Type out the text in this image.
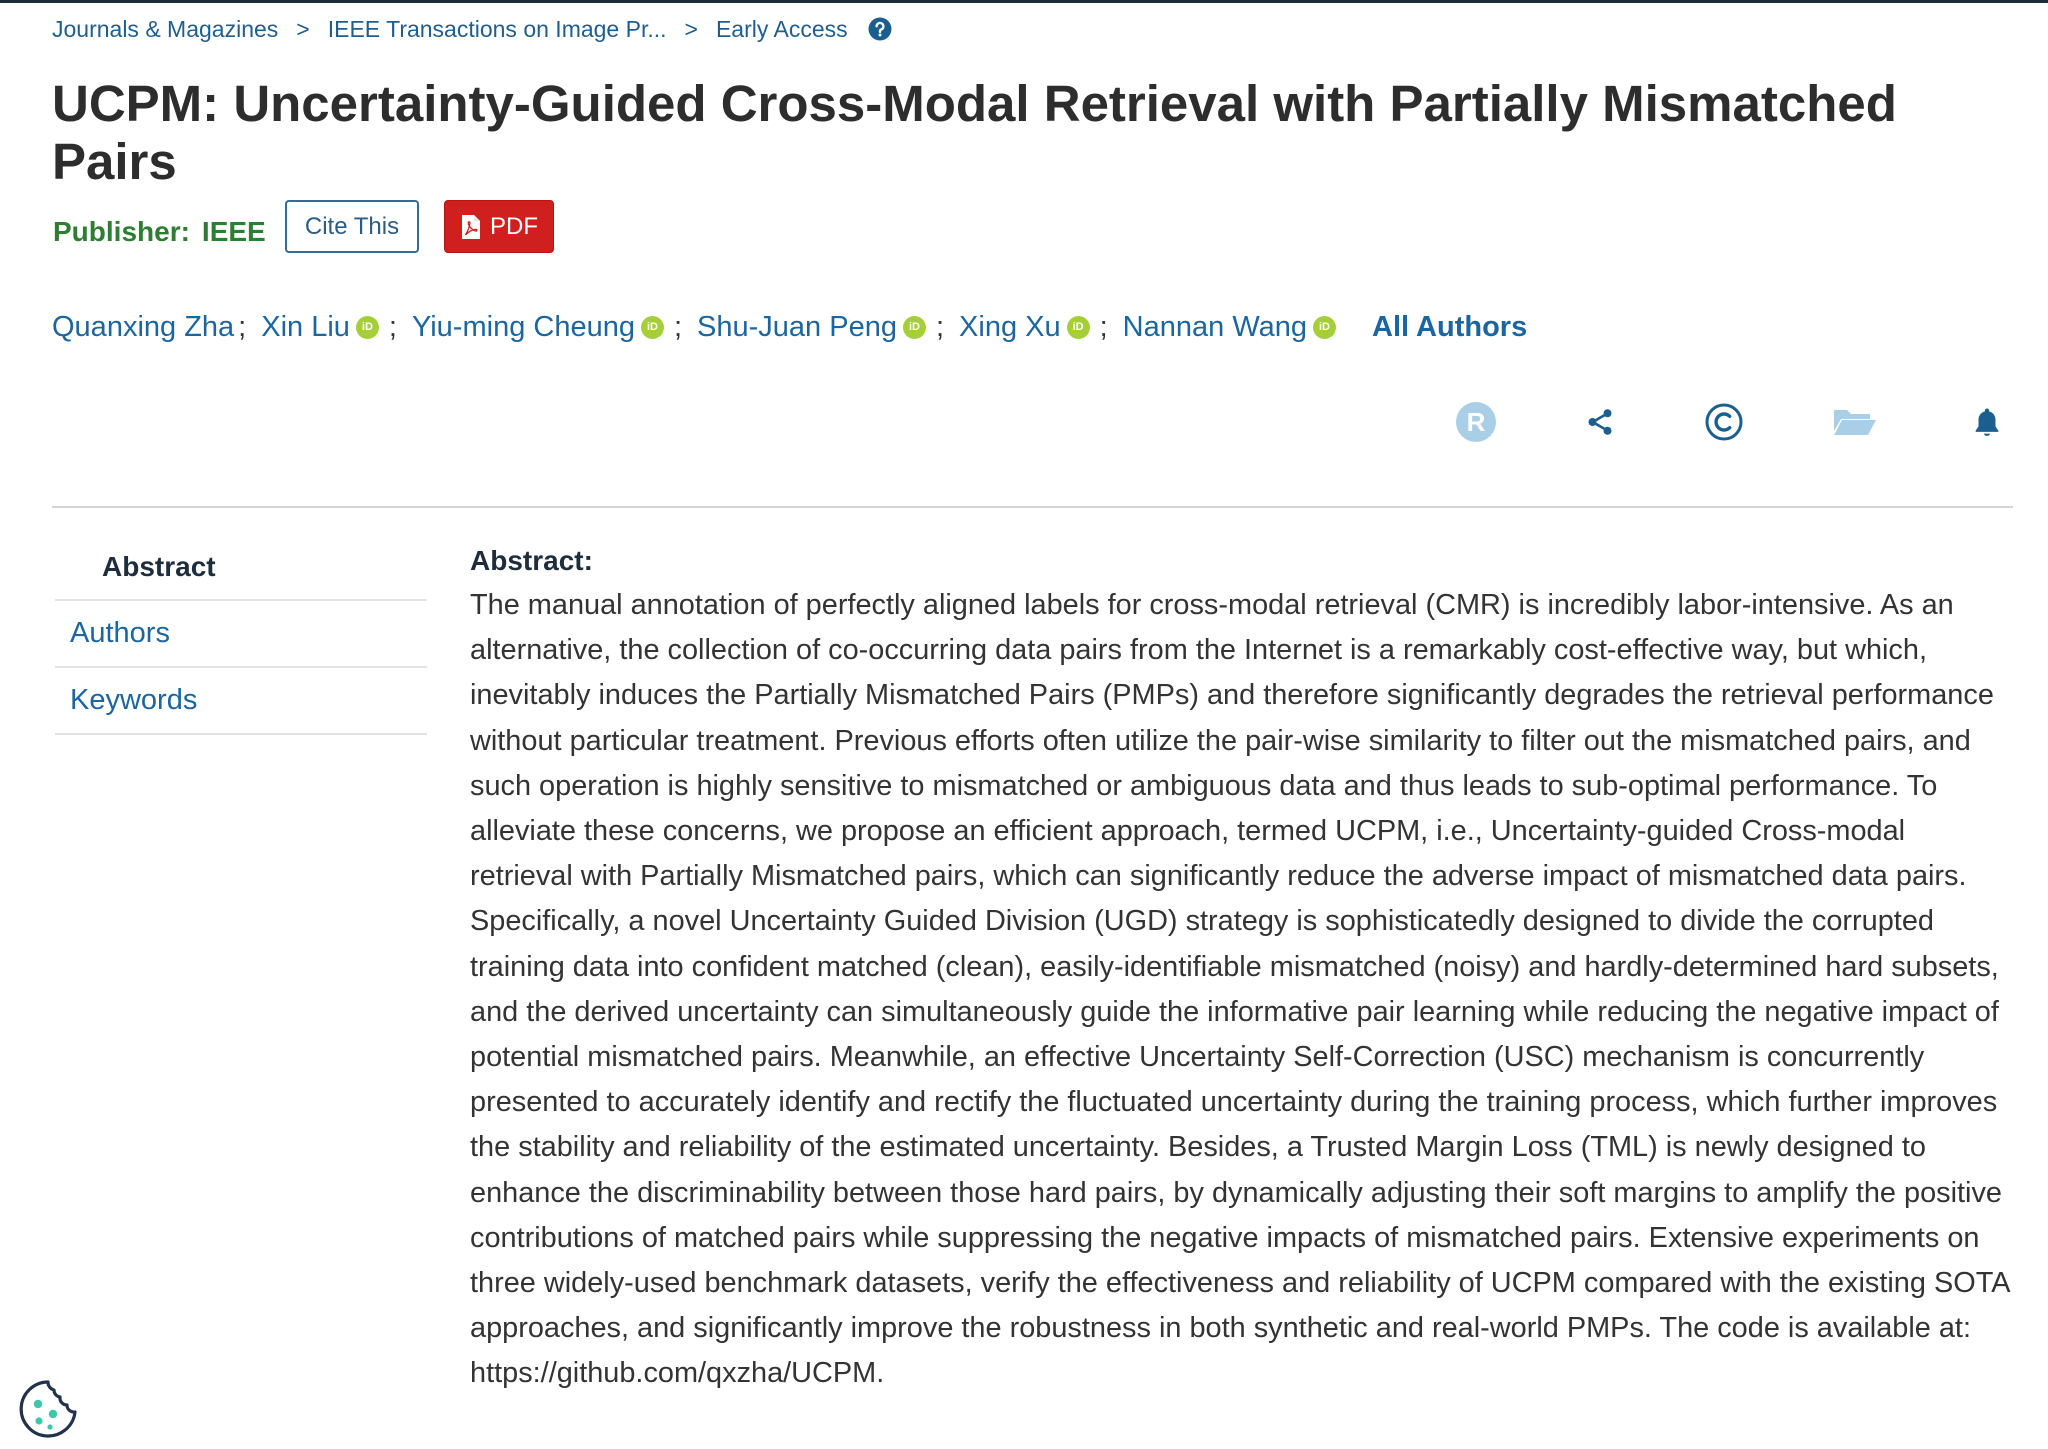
Journals & Magazines > IEEE Transactions on Image Pr... > Early Access
UCPM: Uncertainty-Guided Cross-Modal Retrieval with Partially Mismatched Pairs
Publisher: IEEE Cite This	PDF
Quanxing Zha ; Xin Liu	iD ; Yiu-ming Cheung	iD ; Shu-Juan Peng	iD ; Xing Xu	iD ; Nannan Wang	iD All Authors
R
Abstract
Authors
Keywords
Abstract:

The manual annotation of perfectly aligned labels for cross-modal retrieval (CMR) is incredibly labor-intensive. As an alternative, the collection of co-occurring data pairs from the Internet is a remarkably cost-effective way, but which, inevitably induces the Partially Mismatched Pairs (PMPs) and therefore significantly degrades the retrieval performance without particular treatment. Previous efforts often utilize the pair-wise similarity to filter out the mismatched pairs, and such operation is highly sensitive to mismatched or ambiguous data and thus leads to sub-optimal performance. To alleviate these concerns, we propose an efficient approach, termed UCPM, i.e., Uncertainty-guided Cross-modal retrieval with Partially Mismatched pairs, which can significantly reduce the adverse impact of mismatched data pairs. Specifically, a novel Uncertainty Guided Division (UGD) strategy is sophisticatedly designed to divide the corrupted training data into confident matched (clean), easily-identifiable mismatched (noisy) and hardly-determined hard subsets, and the derived uncertainty can simultaneously guide the informative pair learning while reducing the negative impact of potential mismatched pairs. Meanwhile, an effective Uncertainty Self-Correction (USC) mechanism is concurrently presented to accurately identify and rectify the fluctuated uncertainty during the training process, which further improves the stability and reliability of the estimated uncertainty. Besides, a Trusted Margin Loss (TML) is newly designed to enhance the discriminability between those hard pairs, by dynamically adjusting their soft margins to amplify the positive contributions of matched pairs while suppressing the negative impacts of mismatched pairs. Extensive experiments on three widely-used benchmark datasets, verify the effectiveness and reliability of UCPM compared with the existing SOTA approaches, and significantly improve the robustness in both synthetic and real-world PMPs. The code is available at: https://github.com/qxzha/UCPM.
